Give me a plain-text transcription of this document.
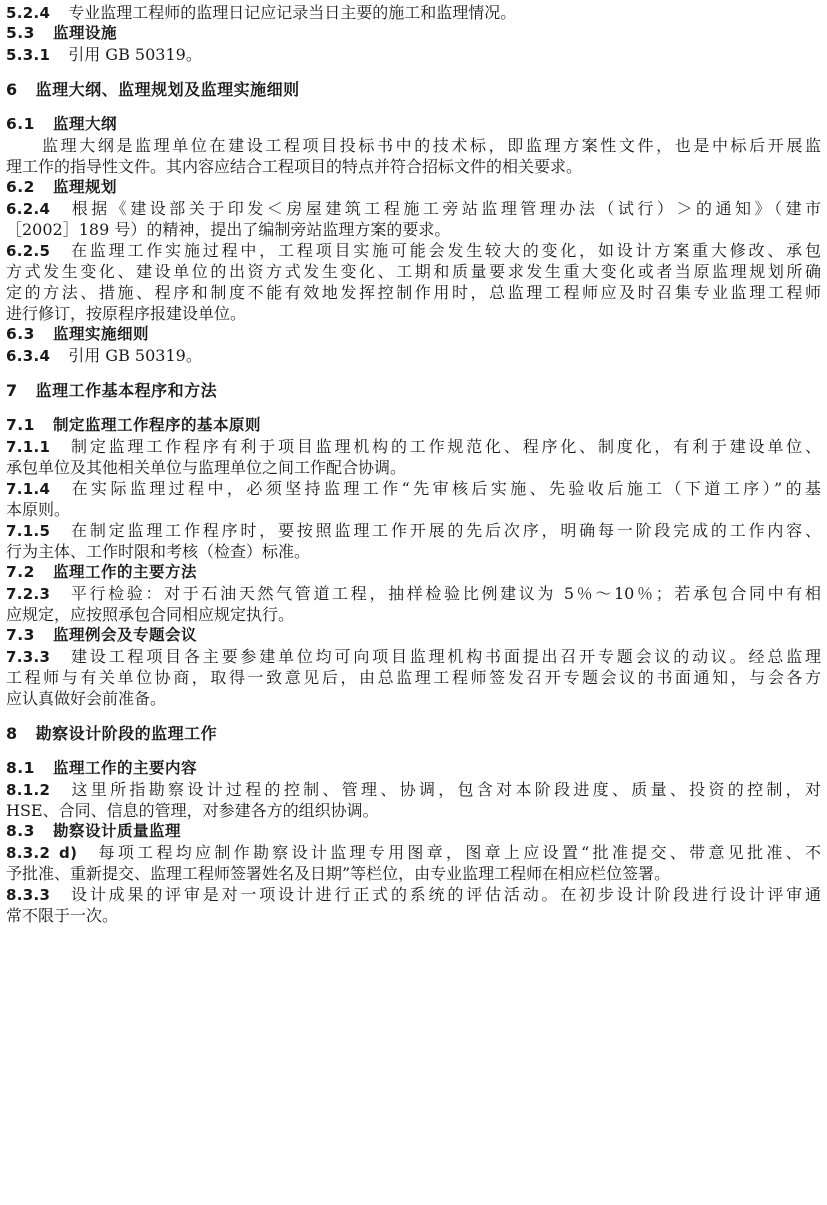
5.2.4 专业监理工程师的监理日记应记录当日主要的施工和监理情况。
5.3 监理设施
5.3.1 引用 GB 50319。
6 监理大纲、监理规划及监理实施细则
6.1 监理大纲
监理大纲是监理单位在建设工程项目投标书中的技术标，即监理方案性文件，也是中标后开展监
理工作的指导性文件。其内容应结合工程项目的特点并符合招标文件的相关要求。
6.2 监理规划
6.2.4 根据《建设部关于印发＜房屋建筑工程施工旁站监理管理办法（试行）＞的通知》（建市
［2002］189 号）的精神，提出了编制旁站监理方案的要求。
6.2.5 在监理工作实施过程中，工程项目实施可能会发生较大的变化，如设计方案重大修改、承包
方式发生变化、建设单位的出资方式发生变化、工期和质量要求发生重大变化或者当原监理规划所确
定的方法、措施、程序和制度不能有效地发挥控制作用时，总监理工程师应及时召集专业监理工程师
进行修订，按原程序报建设单位。
6.3 监理实施细则
6.3.4 引用 GB 50319。
7 监理工作基本程序和方法
7.1 制定监理工作程序的基本原则
7.1.1 制定监理工作程序有利于项目监理机构的工作规范化、程序化、制度化，有利于建设单位、
承包单位及其他相关单位与监理单位之间工作配合协调。
7.1.4 在实际监理过程中，必须坚持监理工作“先审核后实施、先验收后施工（下道工序）”的基
本原则。
7.1.5 在制定监理工作程序时，要按照监理工作开展的先后次序，明确每一阶段完成的工作内容、
行为主体、工作时限和考核（检查）标准。
7.2 监理工作的主要方法
7.2.3 平行检验：对于石油天然气管道工程，抽样检验比例建议为 5％～10％；若承包合同中有相
应规定，应按照承包合同相应规定执行。
7.3 监理例会及专题会议
7.3.3 建设工程项目各主要参建单位均可向项目监理机构书面提出召开专题会议的动议。经总监理
工程师与有关单位协商，取得一致意见后，由总监理工程师签发召开专题会议的书面通知，与会各方
应认真做好会前准备。
8 勘察设计阶段的监理工作
8.1 监理工作的主要内容
8.1.2 这里所指勘察设计过程的控制、管理、协调，包含对本阶段进度、质量、投资的控制，对
HSE、合同、信息的管理，对参建各方的组织协调。
8.3 勘察设计质量监理
8.3.2 d) 每项工程均应制作勘察设计监理专用图章，图章上应设置“批准提交、带意见批准、不
予批准、重新提交、监理工程师签署姓名及日期”等栏位，由专业监理工程师在相应栏位签署。
8.3.3 设计成果的评审是对一项设计进行正式的系统的评估活动。在初步设计阶段进行设计评审通
常不限于一次。
